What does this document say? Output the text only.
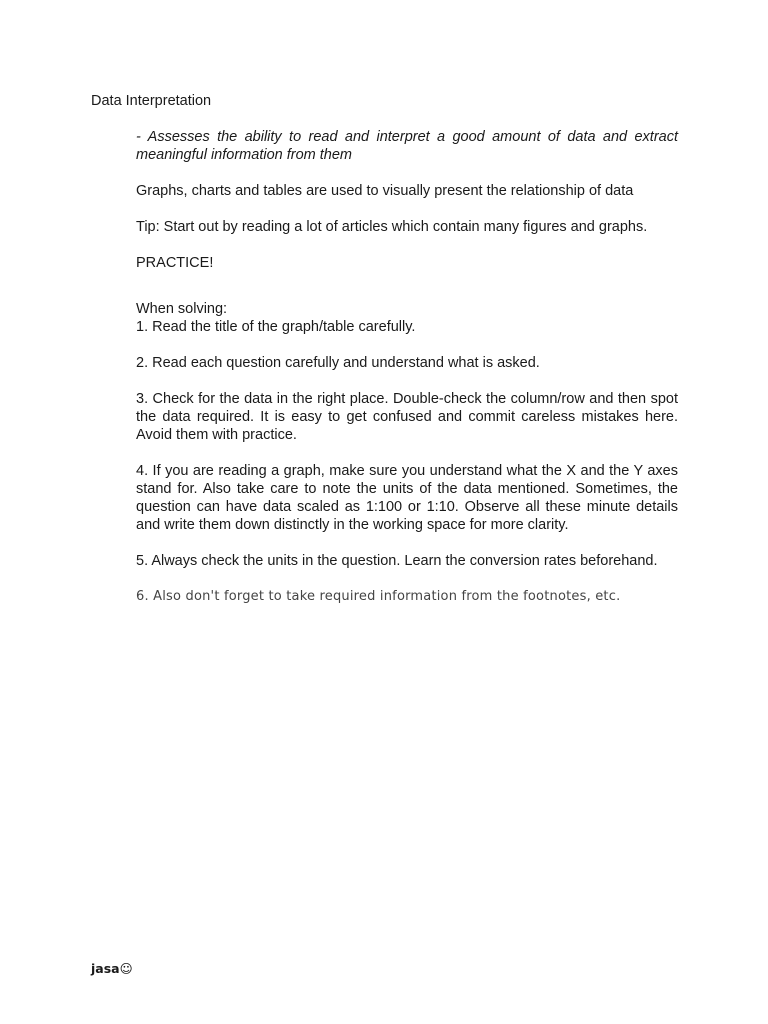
Data Interpretation

- Assesses the ability to read and interpret a good amount of data and extract meaningful information from them

Graphs, charts and tables are used to visually present the relationship of data

Tip: Start out by reading a lot of articles which contain many figures and graphs.

PRACTICE!

When solving:

1. Read the title of the graph/table carefully.

2. Read each question carefully and understand what is asked.

3. Check for the data in the right place. Double-check the column/row and then spot the data required. It is easy to get confused and commit careless mistakes here. Avoid them with practice.

4. If you are reading a graph, make sure you understand what the X and the Y axes stand for. Also take care to note the units of the data mentioned. Sometimes, the question can have data scaled as 1:100 or 1:10. Observe all these minute details and write them down distinctly in the working space for more clarity.

5. Always check the units in the question. Learn the conversion rates beforehand.

6. Also don't forget to take required information from the footnotes, etc.

jasa☺
